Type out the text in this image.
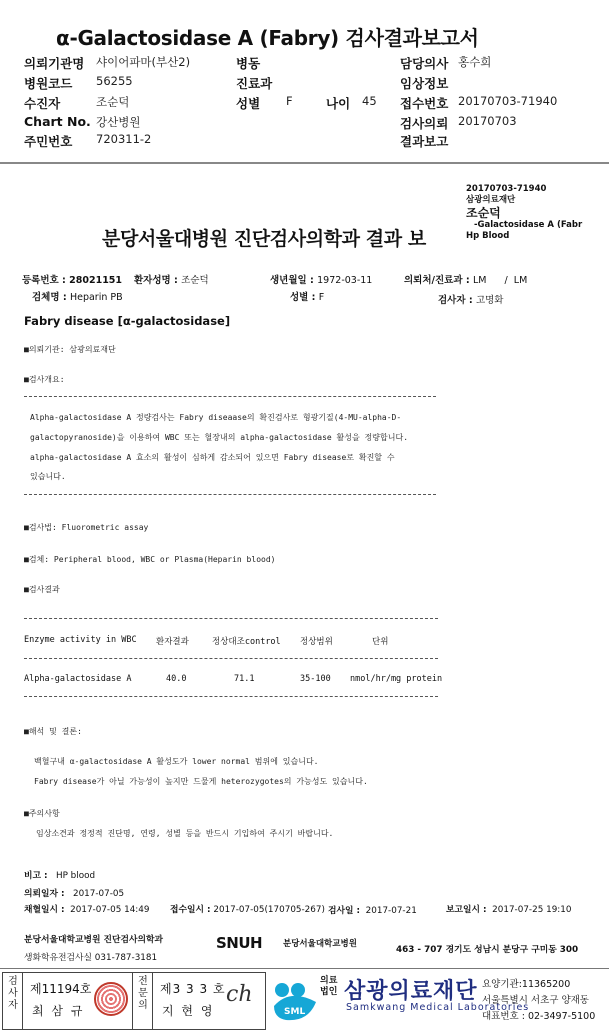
α-Galactosidase A (Fabry) 검사결과보고서
의뢰기관명 샤이어파마(부산2)	병동	담당의사 홍수희
병원코드 56255	진료과	임상정보
수진자	조순덕	성별 F	나이 45 접수번호 20170703-71940
Chart No. 강산병원	검사의뢰 20170703
주민번호 720311-2	결과보고
20170703-71940
삼광의료재단
조순덕
-Galactosidase A (Fabr
Hp Blood
분당서울대병원 진단검사의학과 결과 보
등록번호 : 28021151 환자성명 : 조순덕	생년월일 : 1972-03-11	의뢰처/진료과 : LM      /  LM
검체명 : Heparin PB	성별 : F	검사자 : 고명화
Fabry disease [α-galactosidase]
■의뢰기관: 삼광의료재단
■검사개요:
Alpha-galactosidase A 정량검사는 Fabry diseaase의 확진검사로 형광기질(4-MU-alpha-D-
galactopyranoside)을 이용하여 WBC 또는 혈장내의 alpha-galactosidase 활성을 정량합니다.
alpha-galactosidase A 효소의 활성이 심하게 감소되어 있으면 Fabry disease로 확진할 수
있습니다.
■검사법: Fluorometric assay
■검체: Peripheral blood, WBC or Plasma(Heparin blood)
■검사결과
Enzyme activity in WBC 환자결과	정상대조control 정상범위	단위
Alpha-galactosidase A	40.0	71.1	35-100 nmol/hr/mg protein
■해석 및 결론:
백혈구내 α-galactosidase A 활성도가 lower normal 범위에 있습니다.
Fabry disease가 아닐 가능성이 높지만 드물게 heterozygotes의 가능성도 있습니다.
■주의사항
임상소견과 정정적 진단명, 연령, 성별 등을 반드시 기입하여 주시기 바랍니다.
비고 : HP blood
의뢰일자 : 2017-07-05
채혈일시 : 2017-07-05 14:49 접수일시 : 2017-07-05(170705-267) 검사일 : 2017-07-21	보고일시 : 2017-07-25 19:10
분당서울대학교병원 진단검사의학과
생화학유전검사실 031-787-3181
SNUH 분당서울대학교병원
463 - 707 경기도 성남시 분당구 구미동 300
검사자
제11194호
최 삼 규
전문의
제3 3 3 호
지 현 영
ch
SML
의료
법인 삼광의료재단
Samkwang Medical Laboratories
요양기관:11365200
서울특별시 서초구 양재동
대표번호 : 02-3497-5100
